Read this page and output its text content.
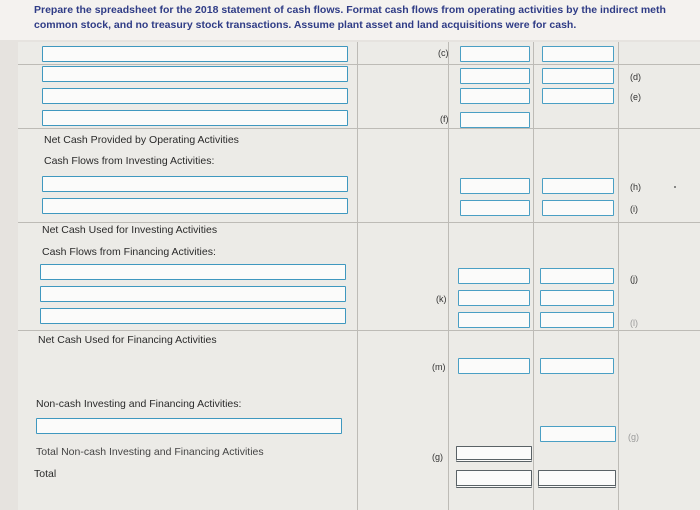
Prepare the spreadsheet for the 2018 statement of cash flows. Format cash flows from operating activities by the indirect meth
common stock, and no treasury stock transactions. Assume plant asset and land acquisitions were for cash.
(c)
(d)
(e)
(f)
Net Cash Provided by Operating Activities
Cash Flows from Investing Activities:
(h)
(i)
Net Cash Used for Investing Activities
Cash Flows from Financing Activities:
(k)
(j)
(l)
Net Cash Used for Financing Activities
(m)
Non-cash Investing and Financing Activities:
(g)
Total Non-cash Investing and Financing Activities	(g)
Total
